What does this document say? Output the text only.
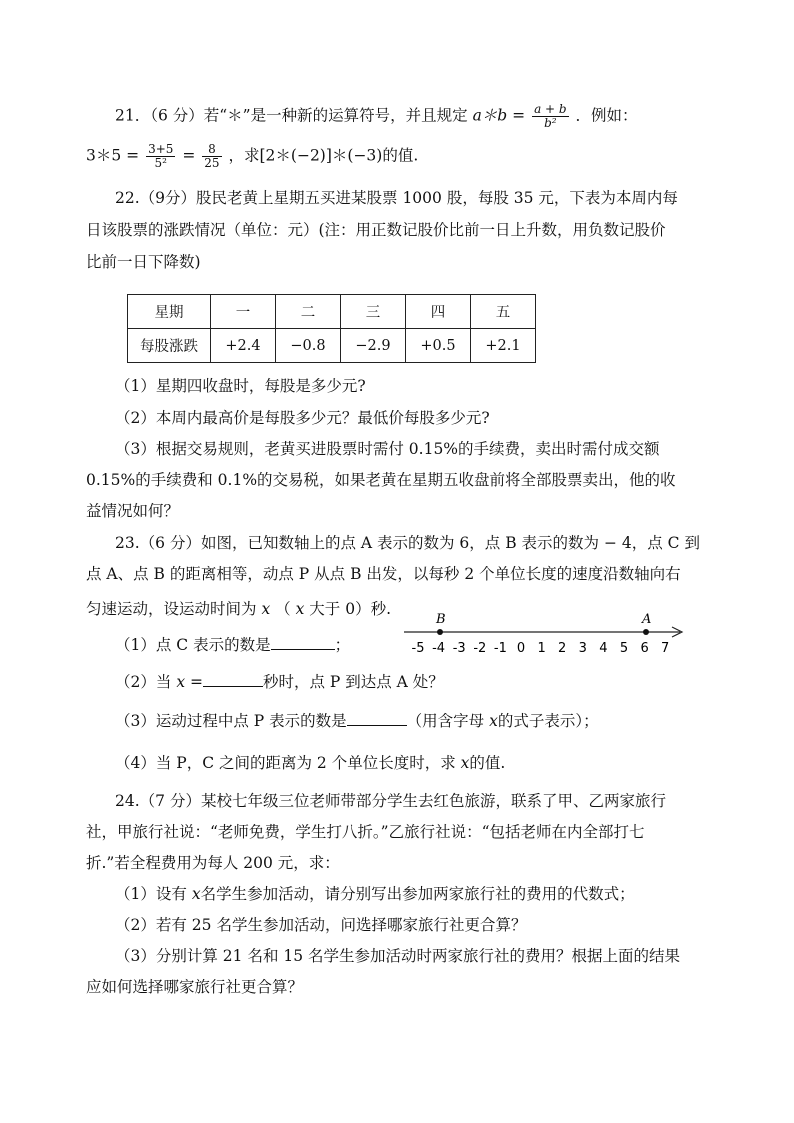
21．（6 分）若“＊”是一种新的运算符号，并且规定 a＊b = $\frac{a + b}{\text{b²}}$ ．例如：
3＊5 = $\frac{3+5}{\text{5²}} = \frac{8}{25}$ ，求[2＊(−2)]＊(−3)的值.
22.（9分）股民老黄上星期五买进某股票 1000 股，每股 35 元，下表为本周内每
日该股票的涨跌情况（单位：元）(注：用正数记股价比前一日上升数，用负数记股价
比前一日下降数)
星期	一	二	三	四	五
每股涨跌	+2.4	−0.8	−2.9	+0.5	+2.1
（1）星期四收盘时，每股是多少元?
（2）本周内最高价是每股多少元？最低价每股多少元?
（3）根据交易规则，老黄买进股票时需付 0.15%的手续费，卖出时需付成交额
0.15%的手续费和 0.1%的交易税，如果老黄在星期五收盘前将全部股票卖出，他的收
益情况如何？
23.（6 分）如图，已知数轴上的点 A 表示的数为 6，点 B 表示的数为 − 4，点 C 到
点 A、点 B 的距离相等，动点 P 从点 B 出发，以每秒 2 个单位长度的速度沿数轴向右
匀速运动，设运动时间为 x （ x 大于 0）秒.
-5 -4 -3 -2 -1 0 1 2 3 4 5 6 7
B	A
（1）点 C 表示的数是	；
（2）当 x =	秒时，点 P 到达点 A 处？
（3）运动过程中点 P 表示的数是	（用含字母 x的式子表示）；
（4）当 P，C 之间的距离为 2 个单位长度时，求 x的值.
24.（7 分）某校七年级三位老师带部分学生去红色旅游，联系了甲、乙两家旅行
社，甲旅行社说：“老师免费，学生打八折。”乙旅行社说：“包括老师在内全部打七
折.”若全程费用为每人 200 元，求：
（1）设有 x名学生参加活动，请分别写出参加两家旅行社的费用的代数式；
（2）若有 25 名学生参加活动，问选择哪家旅行社更合算？
（3）分别计算 21 名和 15 名学生参加活动时两家旅行社的费用？根据上面的结果
应如何选择哪家旅行社更合算？
